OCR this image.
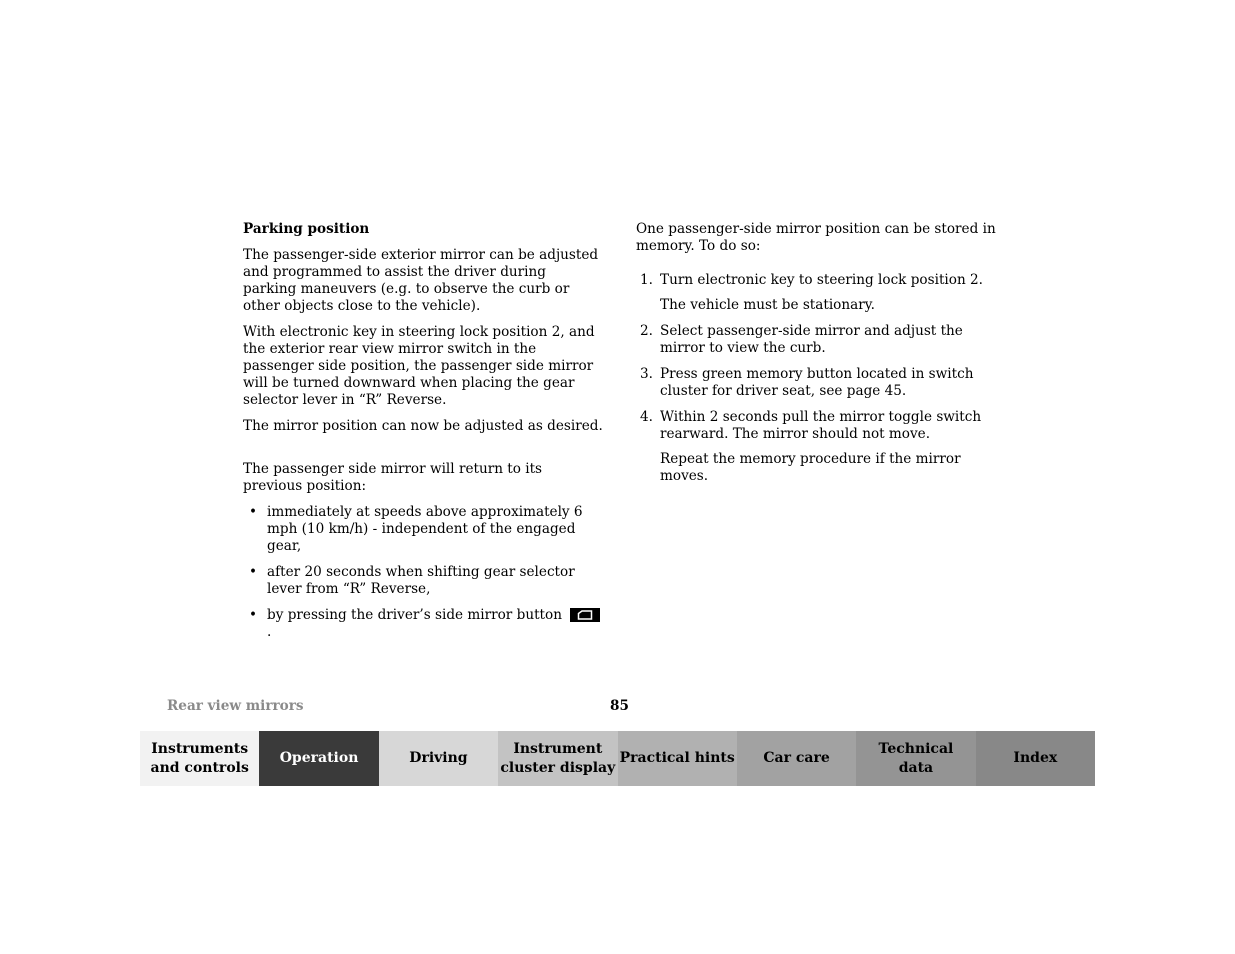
Parking position

The passenger-side exterior mirror can be adjusted and programmed to assist the driver during parking maneuvers (e.g. to observe the curb or other objects close to the vehicle).

With electronic key in steering lock position 2, and the exterior rear view mirror switch in the passenger side position, the passenger side mirror will be turned downward when placing the gear selector lever in “R” Reverse.

The mirror position can now be adjusted as desired.

The passenger side mirror will return to its previous position:

• immediately at speeds above approximately 6 mph (10 km/h) - independent of the engaged gear,
• after 20 seconds when shifting gear selector lever from “R” Reverse,
• by pressing the driver’s side mirror button
.

One passenger-side mirror position can be stored in memory. To do so:

1. Turn electronic key to steering lock position 2.
The vehicle must be stationary.
2. Select passenger-side mirror and adjust the mirror to view the curb.
3. Press green memory button located in switch cluster for driver seat, see page 45.
4. Within 2 seconds pull the mirror toggle switch rearward. The mirror should not move.
Repeat the memory procedure if the mirror moves.
Rear view mirrors	85
Instruments
and controls
Operation	Driving
Instrument
cluster display
Practical hints Car care
Technical
data
Index
